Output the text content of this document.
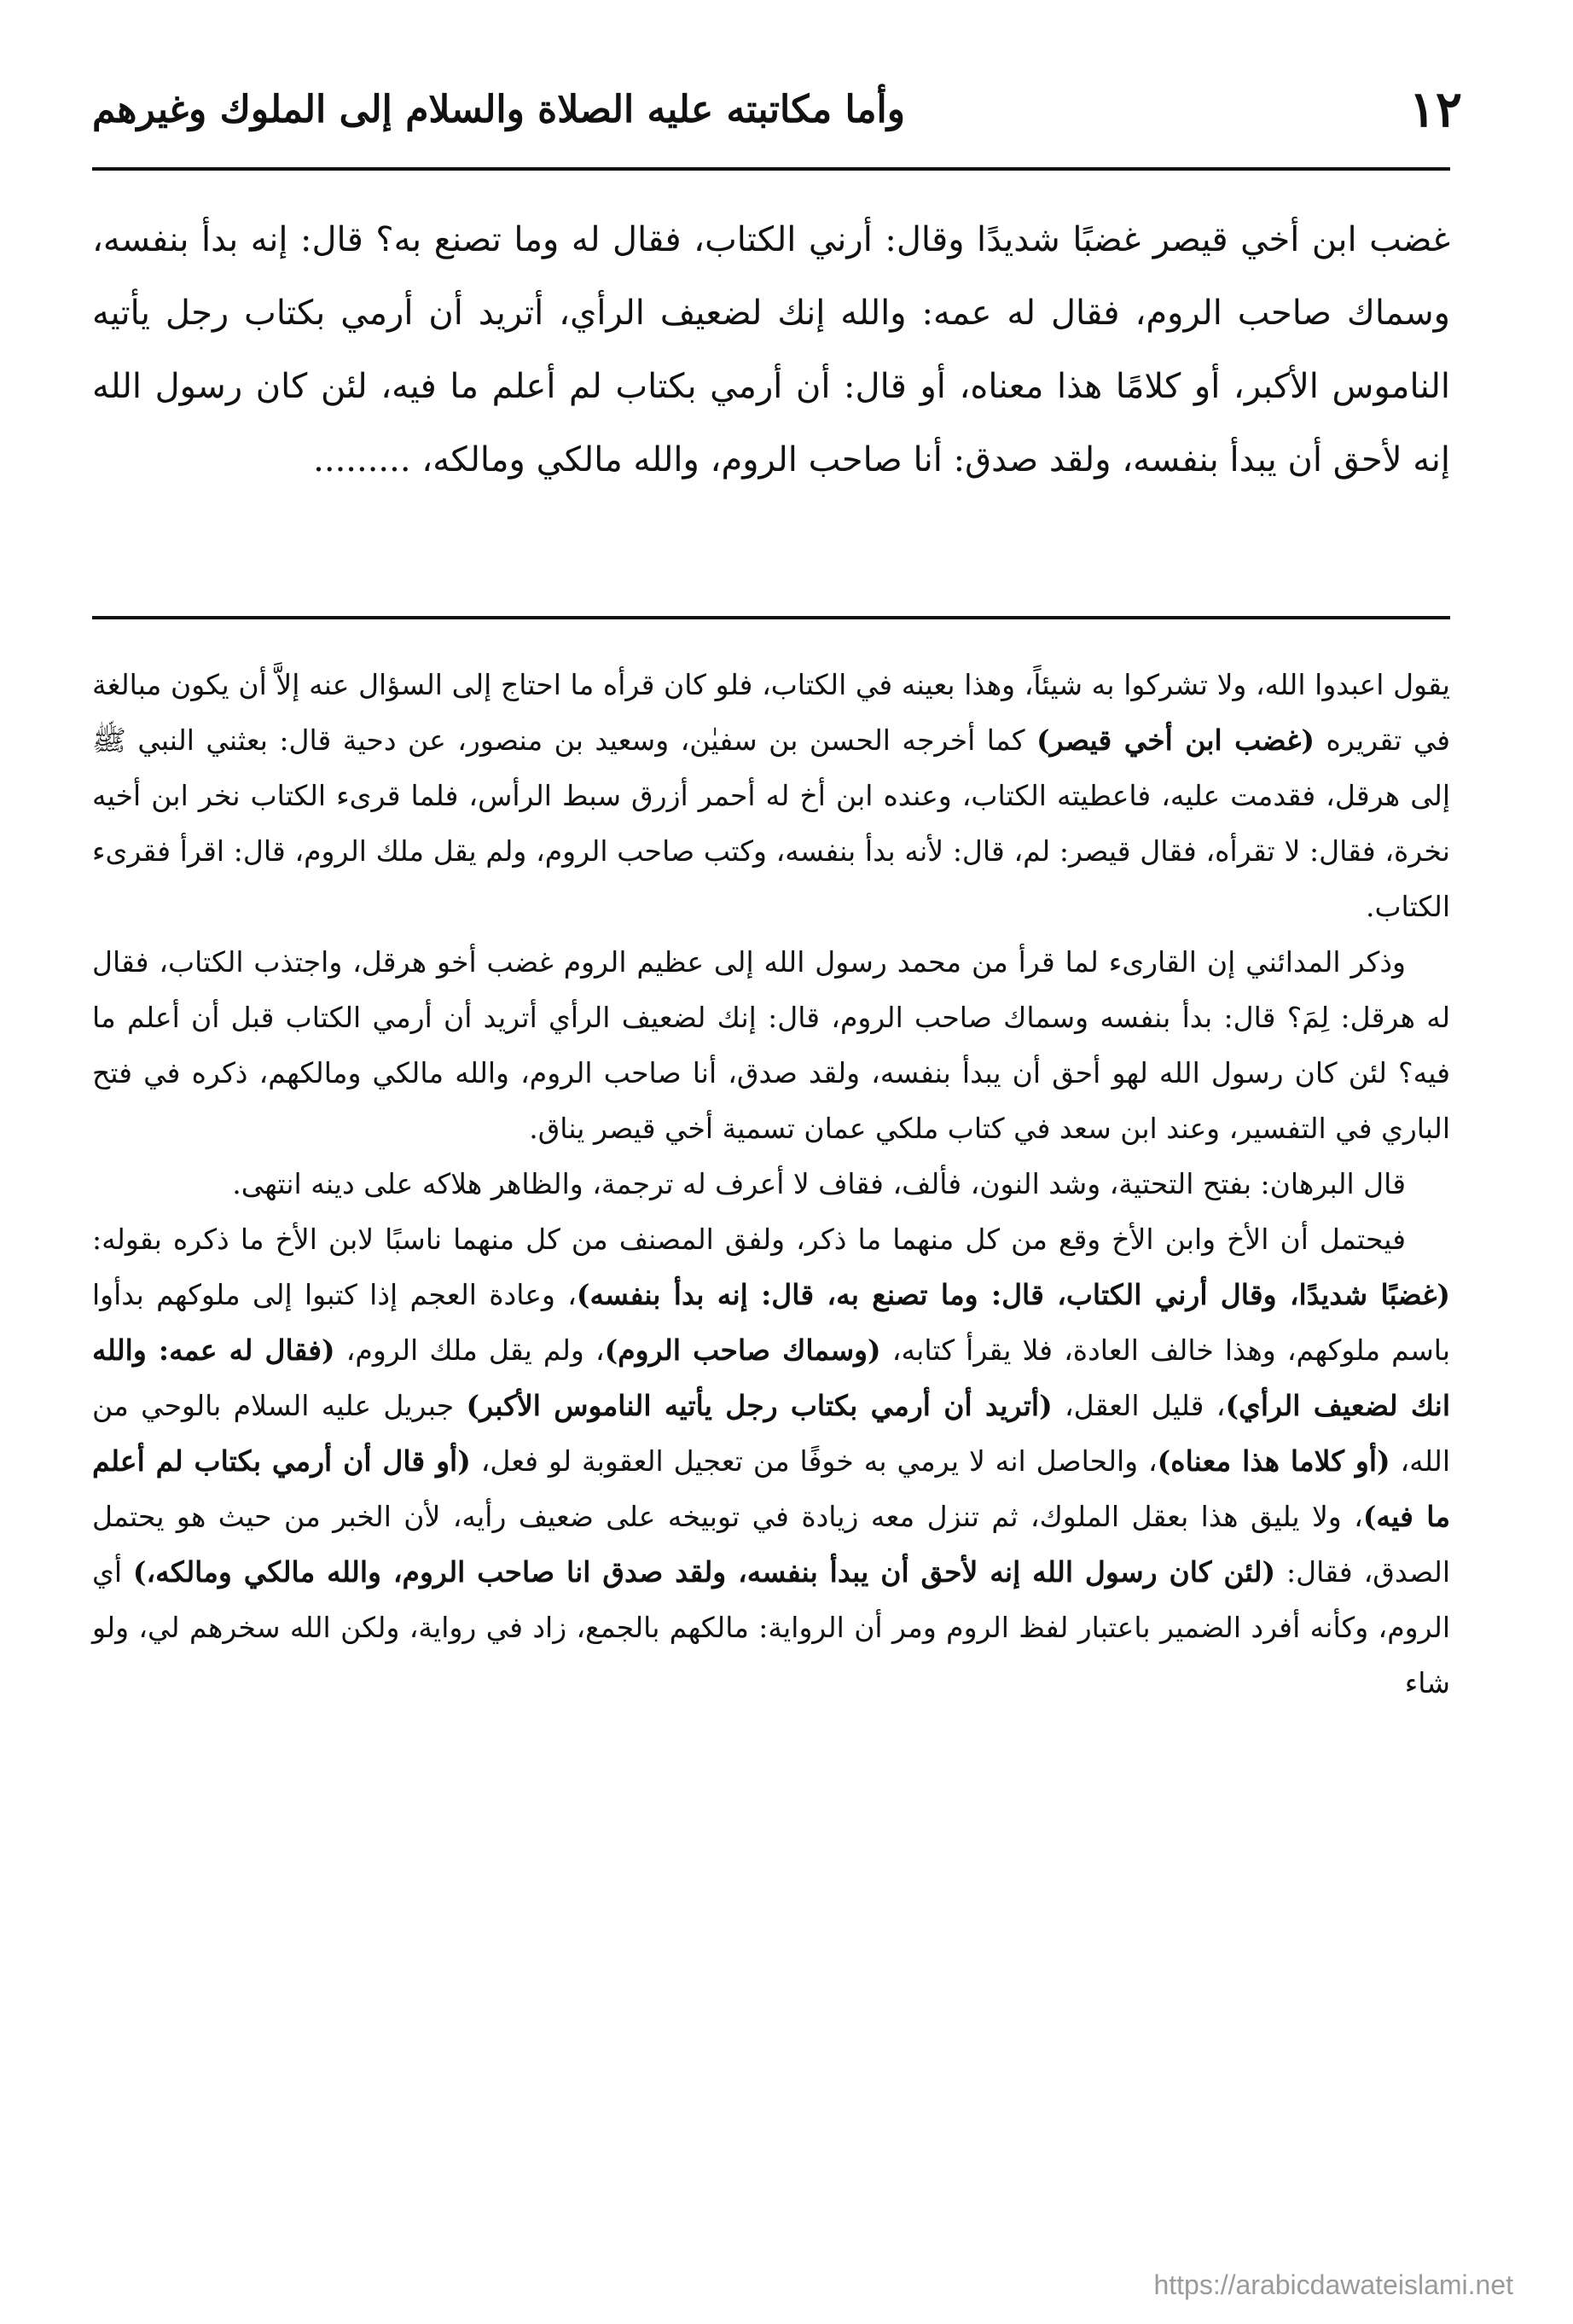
١٢
وأما مكاتبته عليه الصلاة والسلام إلى الملوك وغيرهم
غضب ابن أخي قيصر غضبًا شديدًا وقال: أرني الكتاب، فقال له وما تصنع به؟ قال: إنه بدأ بنفسه، وسماك صاحب الروم، فقال له عمه: والله إنك لضعيف الرأي، أتريد أن أرمي بكتاب رجل يأتيه الناموس الأكبر، أو كلامًا هذا معناه، أو قال: أن أرمي بكتاب لم أعلم ما فيه، لئن كان رسول الله إنه لأحق أن يبدأ بنفسه، ولقد صدق: أنا صاحب الروم، والله مالكي ومالكه، .........

يقول اعبدوا الله، ولا تشركوا به شيئاً، وهذا بعينه في الكتاب، فلو كان قرأه ما احتاج إلى السؤال عنه إلاَّ أن يكون مبالغة في تقريره (غضب ابن أخي قيصر) كما أخرجه الحسن بن سفيٰن، وسعيد بن منصور، عن دحية قال: بعثني النبي ﷺ إلى هرقل، فقدمت عليه، فاعطيته الكتاب، وعنده ابن أخ له أحمر أزرق سبط الرأس، فلما قرىء الكتاب نخر ابن أخيه نخرة، فقال: لا تقرأه، فقال قيصر: لم، قال: لأنه بدأ بنفسه، وكتب صاحب الروم، ولم يقل ملك الروم، قال: اقرأ فقرىء الكتاب.

وذكر المدائني إن القارىء لما قرأ من محمد رسول الله إلى عظيم الروم غضب أخو هرقل، واجتذب الكتاب، فقال له هرقل: لِمَ؟ قال: بدأ بنفسه وسماك صاحب الروم، قال: إنك لضعيف الرأي أتريد أن أرمي الكتاب قبل أن أعلم ما فيه؟ لئن كان رسول الله لهو أحق أن يبدأ بنفسه، ولقد صدق، أنا صاحب الروم، والله مالكي ومالكهم، ذكره في فتح الباري في التفسير، وعند ابن سعد في كتاب ملكي عمان تسمية أخي قيصر يناق.

قال البرهان: بفتح التحتية، وشد النون، فألف، فقاف لا أعرف له ترجمة، والظاهر هلاكه على دينه انتهى.

فيحتمل أن الأخ وابن الأخ وقع من كل منهما ما ذكر، ولفق المصنف من كل منهما ناسبًا لابن الأخ ما ذكره بقوله: (غضبًا شديدًا، وقال أرني الكتاب، قال: وما تصنع به، قال: إنه بدأ بنفسه)، وعادة العجم إذا كتبوا إلى ملوكهم بدأوا باسم ملوكهم، وهذا خالف العادة، فلا يقرأ كتابه، (وسماك صاحب الروم)، ولم يقل ملك الروم، (فقال له عمه: والله انك لضعيف الرأي)، قليل العقل، (أتريد أن أرمي بكتاب رجل يأتيه الناموس الأكبر) جبريل عليه السلام بالوحي من الله، (أو كلاما هذا معناه)، والحاصل انه لا يرمي به خوفًا من تعجيل العقوبة لو فعل، (أو قال أن أرمي بكتاب لم أعلم ما فيه)، ولا يليق هذا بعقل الملوك، ثم تنزل معه زيادة في توبيخه على ضعيف رأيه، لأن الخبر من حيث هو يحتمل الصدق، فقال: (لئن كان رسول الله إنه لأحق أن يبدأ بنفسه، ولقد صدق انا صاحب الروم، والله مالكي ومالكه،) أي الروم، وكأنه أفرد الضمير باعتبار لفظ الروم ومر أن الرواية: مالكهم بالجمع، زاد في رواية، ولكن الله سخرهم لي، ولو شاء

https://arabicdawateislami.net
